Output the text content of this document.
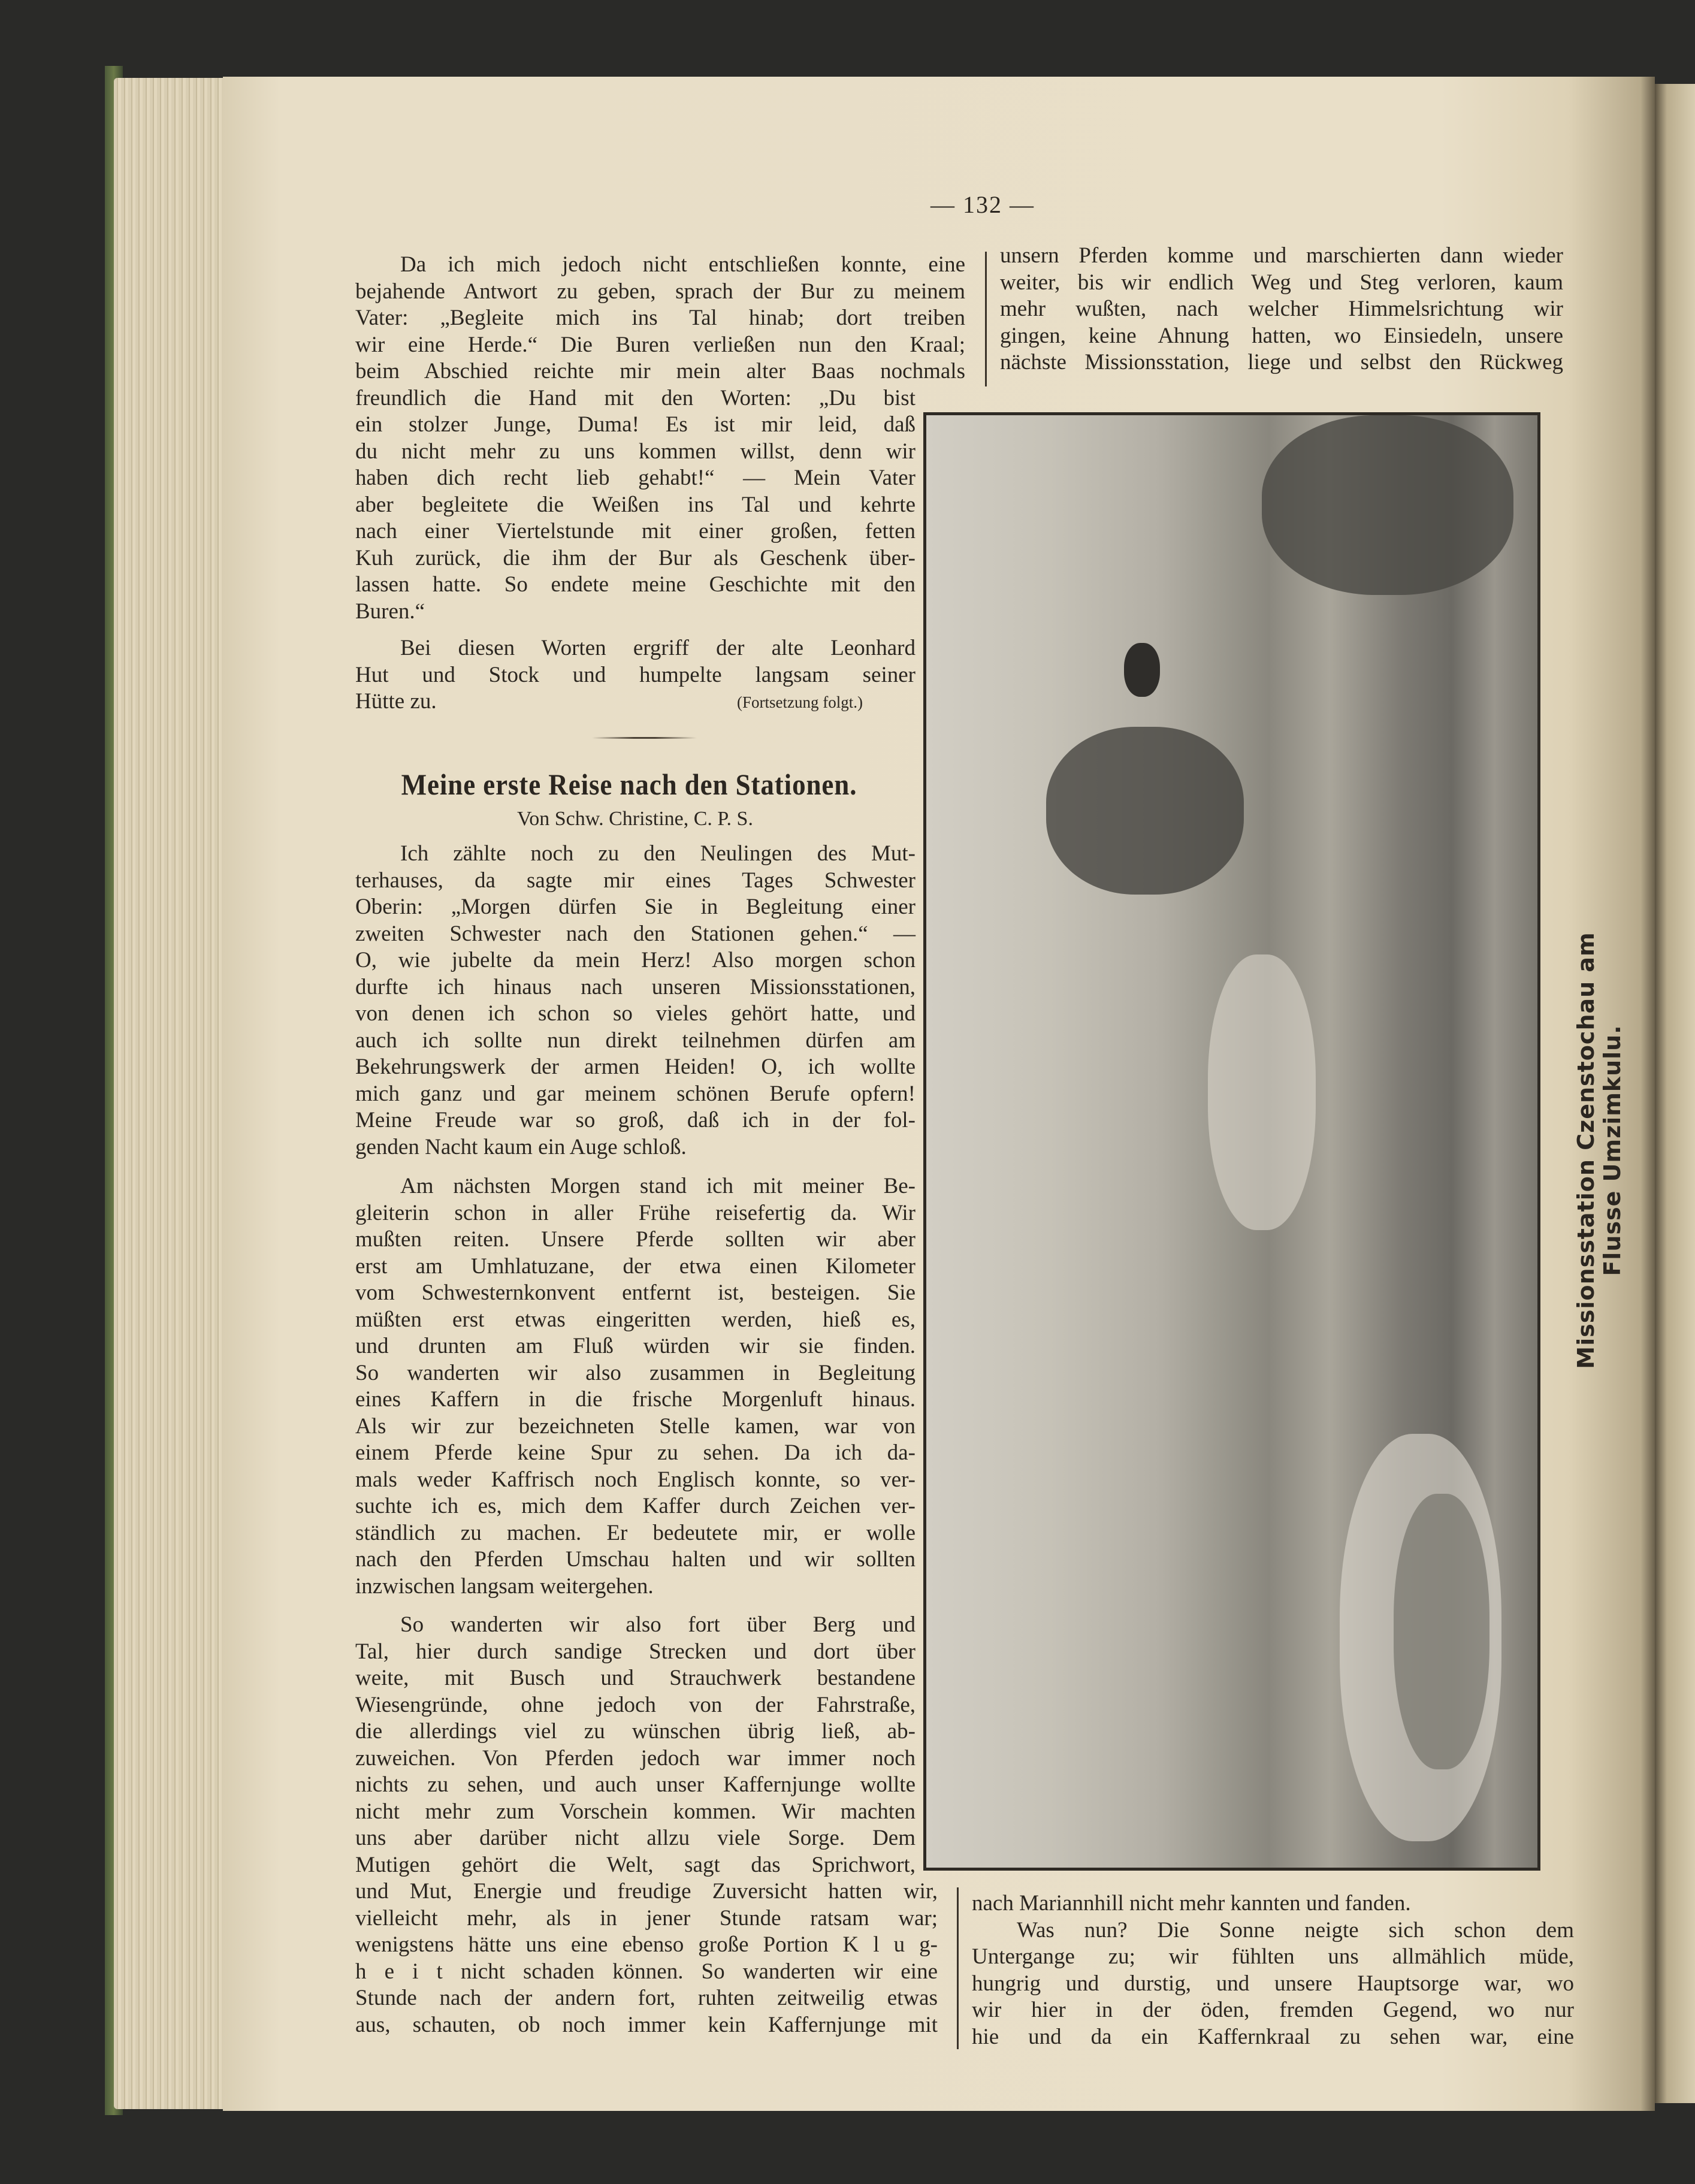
— 132 —
Da ich mich jedoch nicht entschließen konnte, eine
bejahende Antwort zu geben, sprach der Bur zu meinem
Vater: „Begleite mich ins Tal hinab; dort treiben
wir eine Herde.“ Die Buren verließen nun den Kraal;
beim Abschied reichte mir mein alter Baas nochmals
freundlich die Hand mit den Worten: „Du bist
ein stolzer Junge, Duma! Es ist mir leid, daß
du nicht mehr zu uns kommen willst, denn wir
haben dich recht lieb gehabt!“ — Mein Vater
aber begleitete die Weißen ins Tal und kehrte
nach einer Viertelstunde mit einer großen, fetten
Kuh zurück, die ihm der Bur als Geschenk über-
lassen hatte. So endete meine Geschichte mit den
Buren.“
Bei diesen Worten ergriff der alte Leonhard
Hut und Stock und humpelte langsam seiner
Hütte zu.	(Fortsetzung folgt.)
Ich zählte noch zu den Neulingen des Mut-
terhauses, da sagte mir eines Tages Schwester
Oberin: „Morgen dürfen Sie in Begleitung einer
zweiten Schwester nach den Stationen gehen.“ —
O, wie jubelte da mein Herz! Also morgen schon
durfte ich hinaus nach unseren Missionsstationen,
von denen ich schon so vieles gehört hatte, und
auch ich sollte nun direkt teilnehmen dürfen am
Bekehrungswerk der armen Heiden! O, ich wollte
mich ganz und gar meinem schönen Berufe opfern!
Meine Freude war so groß, daß ich in der fol-
genden Nacht kaum ein Auge schloß.
Am nächsten Morgen stand ich mit meiner Be-
gleiterin schon in aller Frühe reisefertig da. Wir
mußten reiten. Unsere Pferde sollten wir aber
erst am Umhlatuzane, der etwa einen Kilometer
vom Schwesternkonvent entfernt ist, besteigen. Sie
müßten erst etwas eingeritten werden, hieß es,
und drunten am Fluß würden wir sie finden.
So wanderten wir also zusammen in Begleitung
eines Kaffern in die frische Morgenluft hinaus.
Als wir zur bezeichneten Stelle kamen, war von
einem Pferde keine Spur zu sehen. Da ich da-
mals weder Kaffrisch noch Englisch konnte, so ver-
suchte ich es, mich dem Kaffer durch Zeichen ver-
ständlich zu machen. Er bedeutete mir, er wolle
nach den Pferden Umschau halten und wir sollten
inzwischen langsam weitergehen.
So wanderten wir also fort über Berg und
Tal, hier durch sandige Strecken und dort über
weite, mit Busch und Strauchwerk bestandene
Wiesengründe, ohne jedoch von der Fahrstraße,
die allerdings viel zu wünschen übrig ließ, ab-
zuweichen. Von Pferden jedoch war immer noch
nichts zu sehen, und auch unser Kaffernjunge wollte
nicht mehr zum Vorschein kommen. Wir machten
uns aber darüber nicht allzu viele Sorge. Dem
Mutigen gehört die Welt, sagt das Sprichwort,
und Mut, Energie und freudige Zuversicht hatten wir,
vielleicht mehr, als in jener Stunde ratsam war;
wenigstens hätte uns eine ebenso große Portion K l u g-
h e i t nicht schaden können. So wanderten wir eine
Stunde nach der andern fort, ruhten zeitweilig etwas
aus, schauten, ob noch immer kein Kaffernjunge mit
unsern Pferden komme und marschierten dann wieder
weiter, bis wir endlich Weg und Steg verloren, kaum
mehr wußten, nach welcher Himmelsrichtung wir
gingen, keine Ahnung hatten, wo Einsiedeln, unsere
nächste Missionsstation, liege und selbst den Rückweg
nach Mariannhill nicht mehr kannten und fanden.
Was nun? Die Sonne neigte sich schon dem
Untergange zu; wir fühlten uns allmählich müde,
hungrig und durstig, und unsere Hauptsorge war, wo
wir hier in der öden, fremden Gegend, wo nur
hie und da ein Kaffernkraal zu sehen war, eine
Meine erste Reise nach den Stationen.
Von Schw. Christine, C. P. S.
Missionsstation Czenstochau am Flusse Umzimkulu.
